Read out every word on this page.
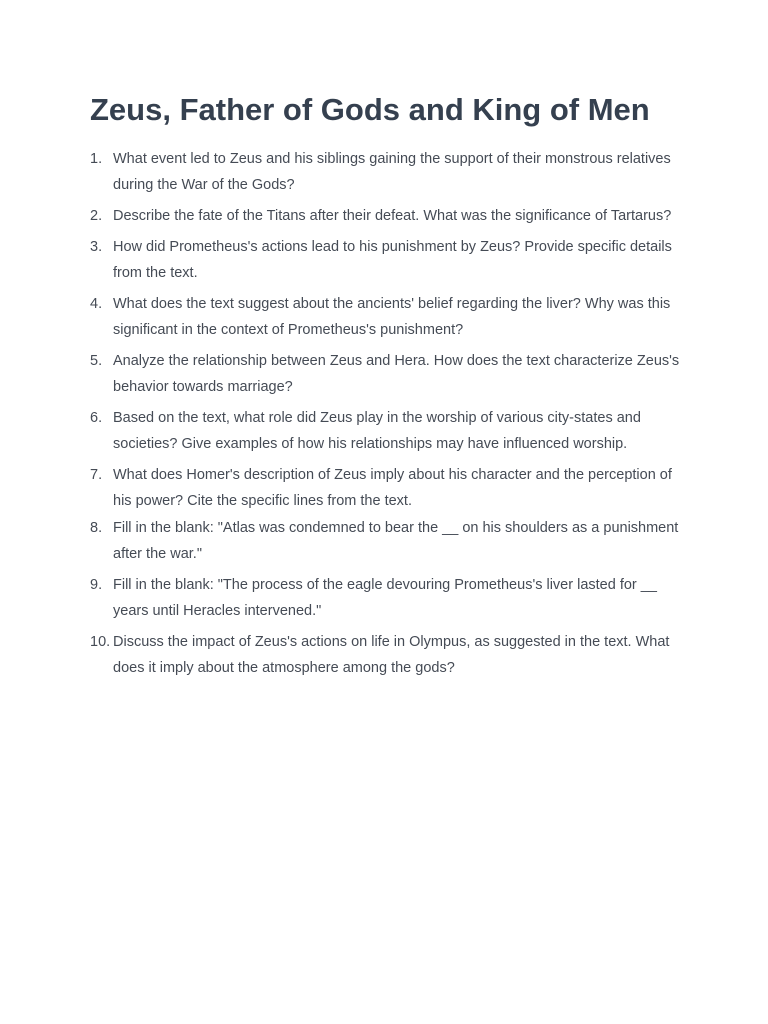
Zeus, Father of Gods and King of Men
1. What event led to Zeus and his siblings gaining the support of their monstrous relatives during the War of the Gods?
2. Describe the fate of the Titans after their defeat. What was the significance of Tartarus?
3. How did Prometheus's actions lead to his punishment by Zeus? Provide specific details from the text.
4. What does the text suggest about the ancients' belief regarding the liver? Why was this significant in the context of Prometheus's punishment?
5. Analyze the relationship between Zeus and Hera. How does the text characterize Zeus's behavior towards marriage?
6. Based on the text, what role did Zeus play in the worship of various city-states and societies? Give examples of how his relationships may have influenced worship.
7. What does Homer's description of Zeus imply about his character and the perception of his power? Cite the specific lines from the text.
8. Fill in the blank: "Atlas was condemned to bear the __ on his shoulders as a punishment after the war."
9. Fill in the blank: "The process of the eagle devouring Prometheus's liver lasted for __ years until Heracles intervened."
10. Discuss the impact of Zeus's actions on life in Olympus, as suggested in the text. What does it imply about the atmosphere among the gods?
